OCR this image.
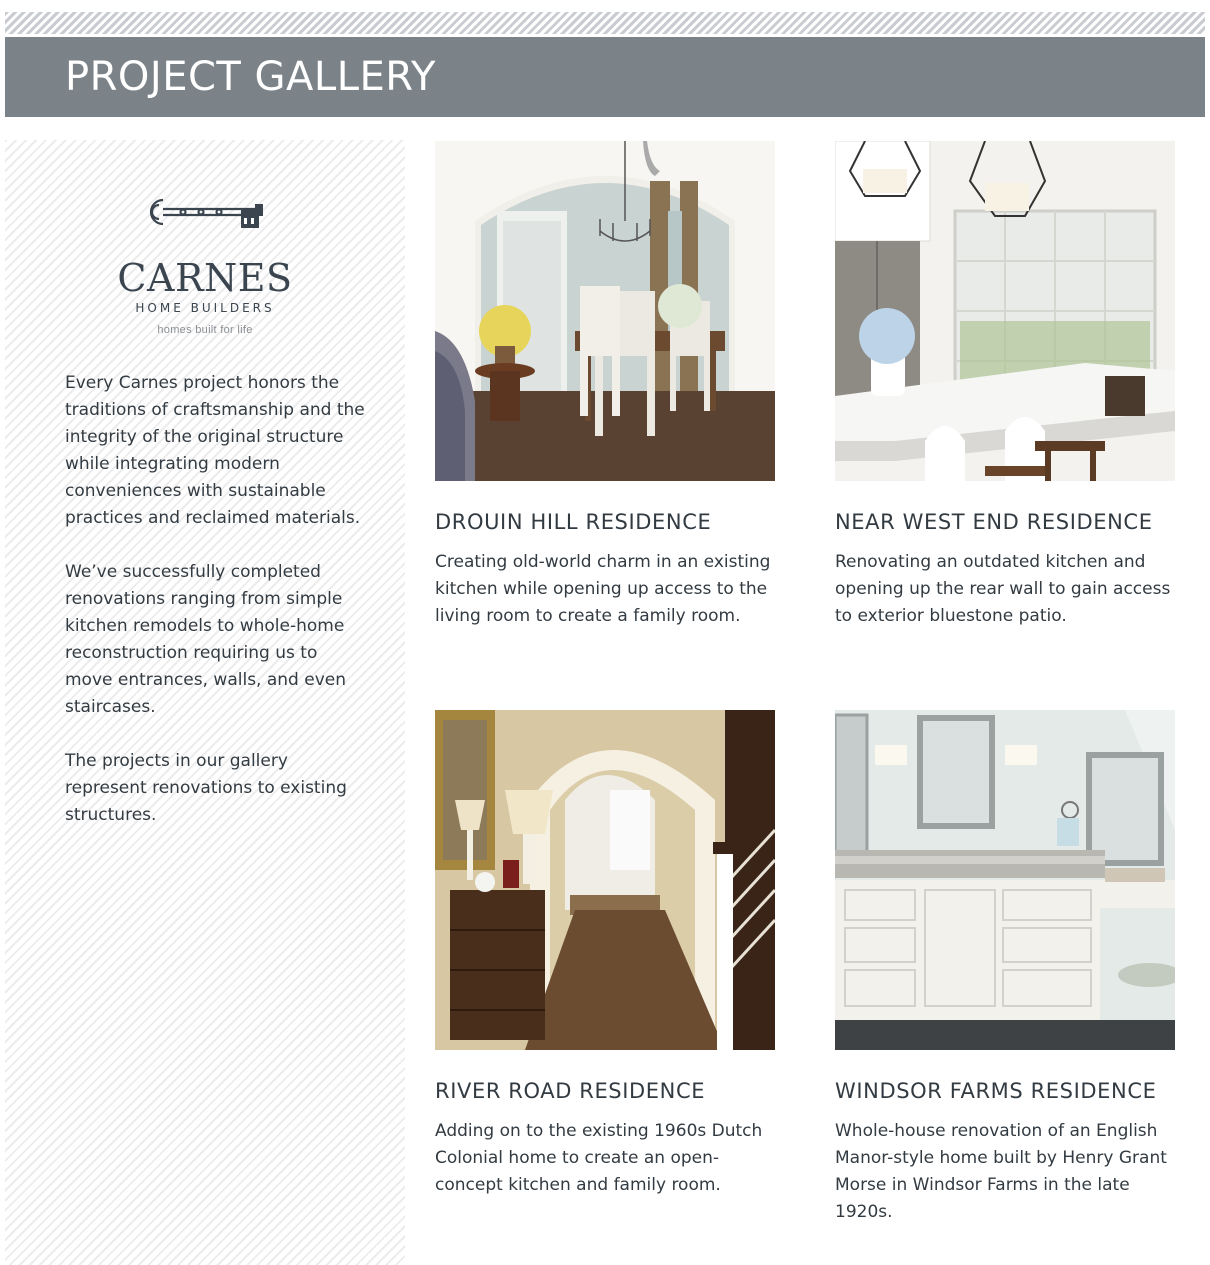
PROJECT GALLERY
CARNES
HOME BUILDERS
homes built for life

Every Carnes project honors the traditions of craftsmanship and the integrity of the original structure while integrating modern conveniences with sustainable practices and reclaimed materials.

We’ve successfully completed renovations ranging from simple kitchen remodels to whole-home reconstruction requiring us to move entrances, walls, and even staircases.

The projects in our gallery represent renovations to existing structures.

DROUIN HILL RESIDENCE

Creating old-world charm in an existing kitchen while opening up access to the living room to create a family room.

NEAR WEST END RESIDENCE

Renovating an outdated kitchen and opening up the rear wall to gain access to exterior bluestone patio.

RIVER ROAD RESIDENCE

Adding on to the existing 1960s Dutch Colonial home to create an open-concept kitchen and family room.

WINDSOR FARMS RESIDENCE

Whole-house renovation of an English Manor-style home built by Henry Grant Morse in Windsor Farms in the late 1920s.
